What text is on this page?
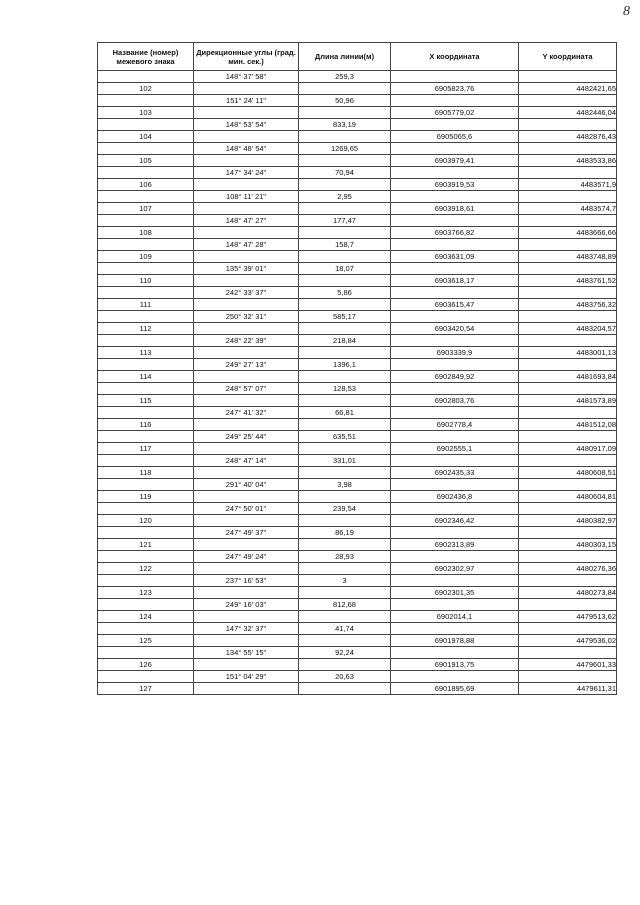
8
Название (номер) межевого знака	Дирекционные углы (град. мин. сек.)	Длина линии(м)	X координата	Y координата
	148° 37' 58"	259,3		
102			6905823,76	4482421,65
	151° 24' 11"	50,96		
103			6905779,02	4482446,04
	148° 53' 54"	833,19		
104			6905065,6	4482876,43
	148° 48' 54"	1269,65		
105			6903979,41	4483533,86
	147° 34' 24"	70,94		
106			6903919,53	4483571,9
	108° 11' 21"	2,95		
107			6903918,61	4483574,7
	148° 47' 27"	177,47		
108			6903766,82	4483666,66
	148° 47' 28"	158,7		
109			6903631,09	4483748,89
	135° 39' 01"	18,07		
110			6903618,17	4483761,52
	242° 33' 37"	5,86		
111			6903615,47	4483756,32
	250° 32' 31"	585,17		
112			6903420,54	4483204,57
	248° 22' 39"	218,84		
113			6903339,9	4483001,13
	249° 27' 13"	1396,1		
114			6902849,92	4481693,84
	248° 57' 07"	128,53		
115			6902803,76	4481573,89
	247° 41' 32"	66,81		
116			6902778,4	4481512,08
	249° 25' 44"	635,51		
117			6902555,1	4480917,09
	248° 47' 14"	331,01		
118			6902435,33	4480608,51
	291° 40' 04"	3,98		
119			6902436,8	4480604,81
	247° 50' 01"	239,54		
120			6902346,42	4480382,97
	247° 49' 37"	86,19		
121			6902313,89	4480303,15
	247° 49' 24"	28,93		
122			6902302,97	4480276,36
	237° 16' 53"	3		
123			6902301,35	4480273,84
	249° 16' 03"	812,68		
124			6902014,1	4479513,62
	147° 32' 37"	41,74		
125			6901978,88	4479536,02
	134° 55' 15"	92,24		
126			6901913,75	4479601,33
	151° 04' 29"	20,63		
127			6901895,69	4479611,31
